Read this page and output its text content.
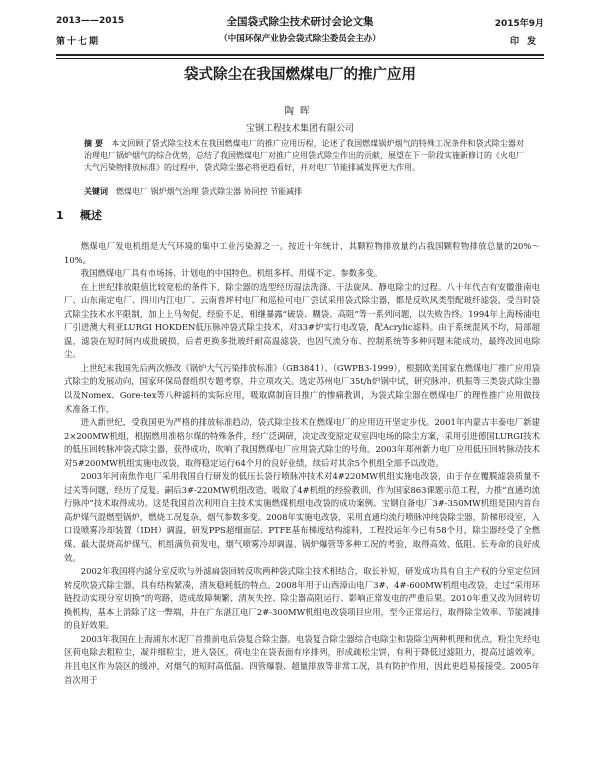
2013——2015
第十七期
全国袋式除尘技术研讨会论文集
（中国环保产业协会袋式除尘委员会主办）
2015年9月
印发
袋式除尘在我国燃煤电厂的推广应用
陶晖
宝钢工程技术集团有限公司

摘 要　 本文回顾了袋式除尘技术在我国燃煤电厂的推广应用历程，论述了我国燃煤锅炉烟气的特殊工况条件和袋式除尘器对治理电厂锅炉烟气的综合优势，总结了我国燃煤电厂对推广应用袋式除尘作出的贡献，展望在下一阶段实施新修订的《火电厂大气污染物排放标准》的过程中，袋式除尘器必将更趋看好，并对电厂节能排减发挥更大作用。

关键词　 燃煤电厂 锅炉烟气治理 袋式除尘器 协同控 节能减排

1 概述

燃煤电厂发电机组是大气环境的集中工业污染源之一。按近十年统计，其颗粒物排放量约占我国颗粒物排放总量的20%～10%。

我国燃煤电厂具有市场扬、计划电的中国特色。机组多样、用煤不定、参数多变。

在上世纪排放限值比较宽松的条件下，除尘器的选型经历湿法洗涤、干法旋风、静电除尘的过程。八十年代吉有安徽淮南电厂、山东南定电厂、四川内江电厂、云南普坪村电厂和巡检可电厂尝试采用袋式除尘器，都是反吹风类型配玻纤滤袋。受当时袋式除尘技术水平限制，加上上马匆促，经验不足，相继暴露“破袋、糊袋、高阻”等一系列问题，以失败告终。1994年上海杨浦电厂引进澳大利亚LURGI HOKDEN低压脉冲袋式除尘技术，对33#炉实行电改袋，配Acrylic滤料。由于系统混风不均，局部超温，滤袋在短时间内成批破损，后者更换多批玻纤耐高温滤袋，也因气流分布、控制系统等多种问题未能成功，最终改回电除尘。

上世纪末我国先后两次修改《锅炉大气污染排放标准》（GB3841）、（GWPB3-1999），根据欧美国家在燃煤电厂推广应用袋式除尘的发展动向，国家环保局督组织专题考察，并立项攻关。选定苏州电厂35t/h炉锅中试，研究脉冲、机振等三类袋式除尘器以及Nomex、Gore-tex等八种滤料的实际应用，吸取腐制盲目推广的惨痛教训，为袋式除尘器在燃煤电厂的理性推广应用做技术准备工作。

进入新世纪，受我国更为严格的排放标准趋动，袋式除尘技术在燃煤电厂的应用迈开坚定步伐。2001年内蒙古丰泰电厂新建2×200MW机组，根据燃用准格尔煤的特殊条件，经广泛调研，决定改变原定双室四电场的除尘方案，采用引进德国LURGI技术的低压回转脉冲袋式除尘器，获得成功，吹响了我国燃煤电厂应用袋式除尘的号角。2003年郑州新力电厂应用低压回转脉动技术对5#200MW机组实施电改袋，取得稳定运行64个月的良好业绩，续后对其余5个机组全部予以改造。

2003年河南焦作电厂采用我国自行研发的低压长袋行喷脉冲技术对4#220MW机组实施电改袋，由于存在覆膜滤袋质量不过关等问题，经历了反复。嗣后3#-220MW机组改造，吸取了4#机组的经验教训，作为国家863课题示范工程，力推“直通均流行脉冲”技术取得成功。这是我国首次利用自主技术实施燃煤机组电改袋的成功案例。宝钢自备电厂3#-350MW机组是国内首台高炉煤气混燃型锅炉，燃烧工况复杂，烟气参数多变。2008年实施电改袋，采用直通均流行喷脉冲纯袋除尘器，阶梯形设室，入口设喷雾冷却装置（IDH）调温，研发PPS超细面层、PTFE基布梯度结构滤料，工程投运年今已有58个月，除尘器经受了全燃煤、最大混烧高炉煤气、机组满负荷发电，烟气喷雾冷却调温、锅炉爆管等多种工况的考验，取得高效、低阻、长寿命的良好成效。

2002年我国将内滤分室反吹与外滤扁袋回转反吹两种袋式除尘技术相结合，取长补短，研发成功具有自主产权的分室定位回转反吹袋式除尘器，具有结构紧凑，清灰稳耗低的特点。2008年用于山西漳山电厂3#、4#-600MW机组电改袋，走过“采用环链投动实现分室切换”的弯路，造成故障频繁、清灰失控、除尘器高阻运行、影响正常发电的严重后果。2010年重又改为回转切换机构，基本上消除了这一弊端，并在广东湛江电厂2#-300MW机组电改袋项目应用，至今正常运行，取得除尘效率、节能减排的良好效果。

2003年我国在上海浦东水泥厂首推前电后袋复合除尘器。电袋复合除尘器综合电除尘和袋除尘两种机理和优点，粉尘先经电区荷电除去粗粒尘，凝并细粒尘，进入袋区，荷电尘在袋表面有序排列，形成疏松尘饼，有利于降低过滤阻力，提高过滤效率。并且电区作为袋区的缓冲，对烟气的短时高低温、四管爆裂、超量排放等非常工况，具有防护作用，因此更趋易接接受。2005年首次用于
